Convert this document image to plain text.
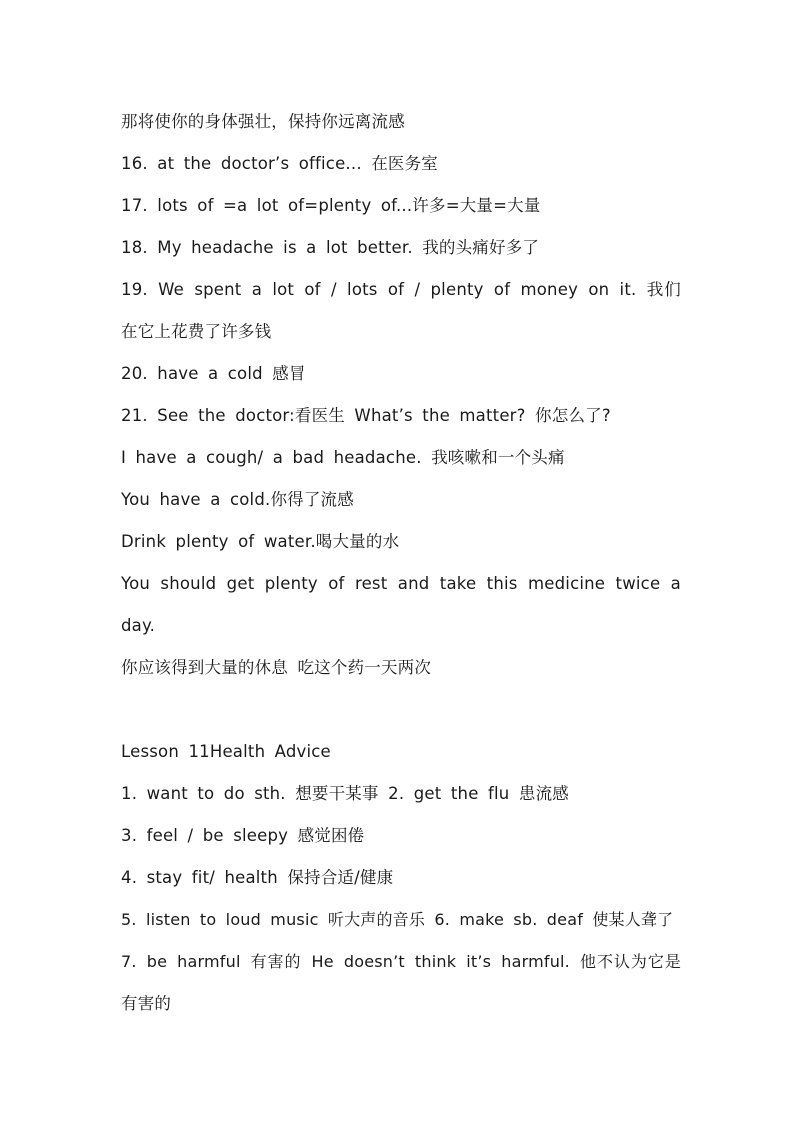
那将使你的身体强壮，保持你远离流感
16. at the doctor’s office... 在医务室
17. lots of =a lot of=plenty of...许多=大量=大量
18. My headache is a lot better. 我的头痛好多了
19. We spent a lot of / lots of / plenty of money on it. 我们
在它上花费了许多钱
20. have a cold 感冒
21. See the doctor:看医生 What’s the matter? 你怎么了?
I have a cough/ a bad headache. 我咳嗽和一个头痛
You have a cold.你得了流感
Drink plenty of water.喝大量的水
You should get plenty of rest and take this medicine twice a
day.
你应该得到大量的休息 吃这个药一天两次
Lesson 11Health Advice
1. want to do sth. 想要干某事 2. get the flu 患流感
3. feel / be sleepy 感觉困倦
4. stay fit/ health 保持合适/健康
5. listen to loud music 听大声的音乐 6. make sb. deaf 使某人聋了
7. be harmful 有害的 He doesn’t think it’s harmful. 他不认为它是
有害的
